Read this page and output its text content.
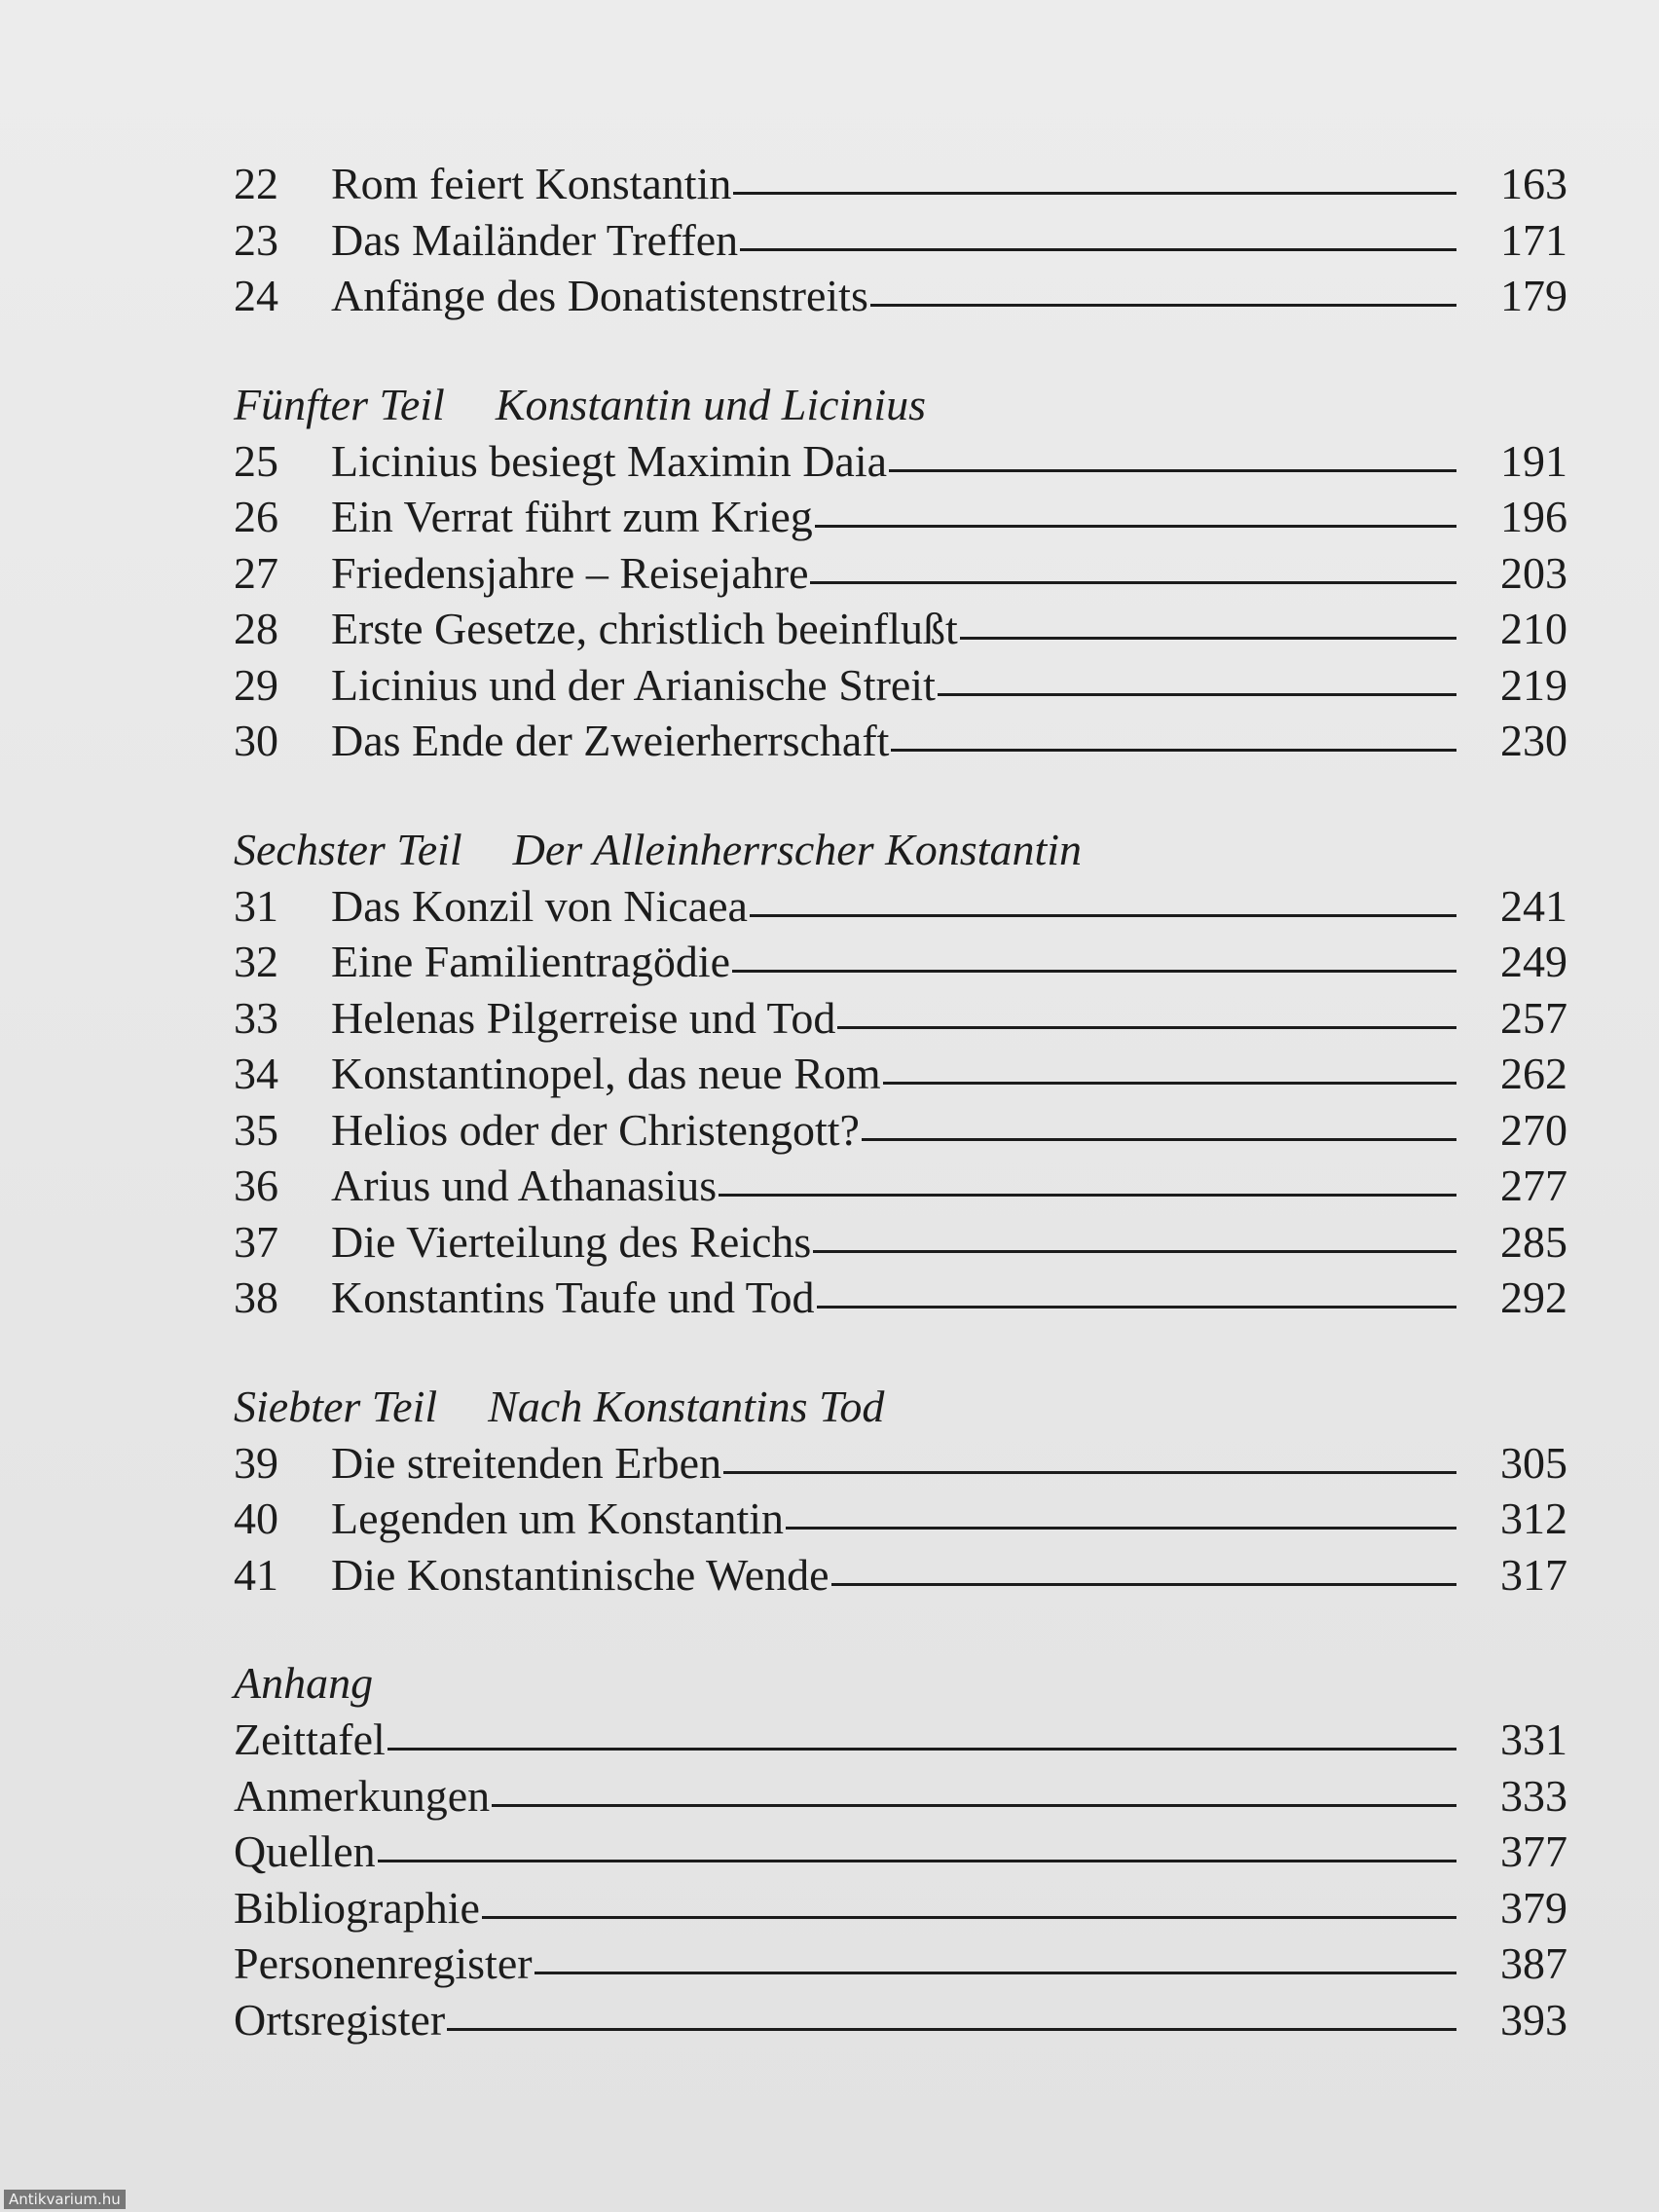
22	Rom feiert Konstantin	163
23	Das Mailänder Treffen	171
24	Anfänge des Donatistenstreits	179
Fünfter Teil Konstantin und Licinius
25	Licinius besiegt Maximin Daia	191
26	Ein Verrat führt zum Krieg	196
27	Friedensjahre – Reisejahre	203
28	Erste Gesetze, christlich beeinflußt	210
29	Licinius und der Arianische Streit	219
30	Das Ende der Zweierherrschaft	230
Sechster Teil Der Alleinherrscher Konstantin
31	Das Konzil von Nicaea	241
32	Eine Familientragödie	249
33	Helenas Pilgerreise und Tod	257
34	Konstantinopel, das neue Rom	262
35	Helios oder der Christengott?	270
36	Arius und Athanasius	277
37	Die Vierteilung des Reichs	285
38	Konstantins Taufe und Tod	292
Siebter Teil Nach Konstantins Tod
39	Die streitenden Erben	305
40	Legenden um Konstantin	312
41	Die Konstantinische Wende	317
Anhang
Zeittafel	331
Anmerkungen	333
Quellen	377
Bibliographie	379
Personenregister	387
Ortsregister	393
Antikvarium.hu
